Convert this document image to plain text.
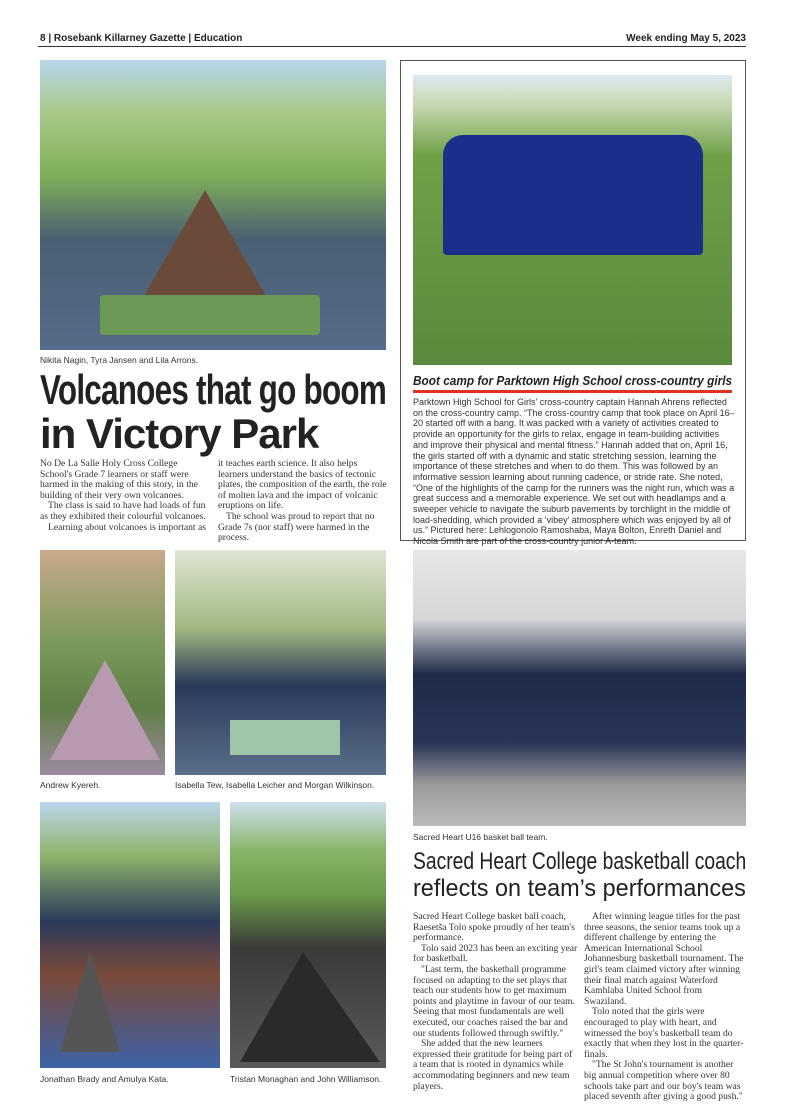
8 | Rosebank Killarney Gazette | Education	Week ending May 5, 2023
Nikita Nagin, Tyra Jansen and Lila Arrons.
Volcanoes that go boom
in Victory Park

No De La Salle Holy Cross College School's Grade 7 learners or staff were harmed in the making of this story, in the building of their very own volcanoes.

The class is said to have had loads of fun as they exhibited their colourful volcanoes.

Learning about volcanoes is important as

it teaches earth science. It also helps learners understand the basics of tectonic plates, the composition of the earth, the role of molten lava and the impact of volcanic eruptions on life.

The school was proud to report that no Grade 7s (nor staff) were harmed in the process.

Boot camp for Parktown High School cross-country girls
Parktown High School for Girls' cross-country captain Hannah Ahrens reflected on the cross-country camp. “The cross-country camp that took place on April 16–20 started off with a bang. It was packed with a variety of activities created to provide an opportunity for the girls to relax, engage in team-building activities and improve their physical and mental fitness.” Hannah added that on, April 16, the girls started off with a dynamic and static stretching session, learning the importance of these stretches and when to do them. This was followed by an informative session learning about running cadence, or stride rate. She noted, “One of the highlights of the camp for the runners was the night run, which was a great success and a memorable experience. We set out with headlamps and a sweeper vehicle to navigate the suburb pavements by torchlight in the middle of load-shedding, which provided a ‘vibey’ atmosphere which was enjoyed by all of us.” Pictured here: Lehlogonolo Ramoshaba, Maya Bolton, Enreth Daniel and Nicola Smith are part of the cross-country junior A-team.
Andrew Kyereh.	Isabella Tew, Isabella Leicher and Morgan Wilkinson.
Jonathan Brady and Amulya Kata.	Tristan Monaghan and John Williamson.
Sacred Heart U16 basket ball team.
Sacred Heart College basketball coach
reflects on team’s performances

Sacred Heart College basket ball coach, Raesetša Tolo spoke proudly of her team's performance.

Tolo said 2023 has been an exciting year for basketball.

"Last term, the basketball programme focused on adapting to the set plays that teach our students how to get maximum points and playtime in favour of our team. Seeing that most fundamentals are well executed, our coaches raised the bar and our students followed through swiftly."

She added that the new learners expressed their gratitude for being part of a team that is rooted in dynamics while accommodating beginners and new team players.

After winning league titles for the past three seasons, the senior teams took up a different challenge by entering the American International School Johannesburg basketball tournament. The girl's team claimed victory after winning their final match against Waterford Kamhlaba United School from Swaziland.

Tolo noted that the girls were encouraged to play with heart, and witnessed the boy's basketball team do exactly that when they lost in the quarter-finals.

"The St John's tournament is another big annual competition where over 80 schools take part and our boy's team was placed seventh after giving a good push."
